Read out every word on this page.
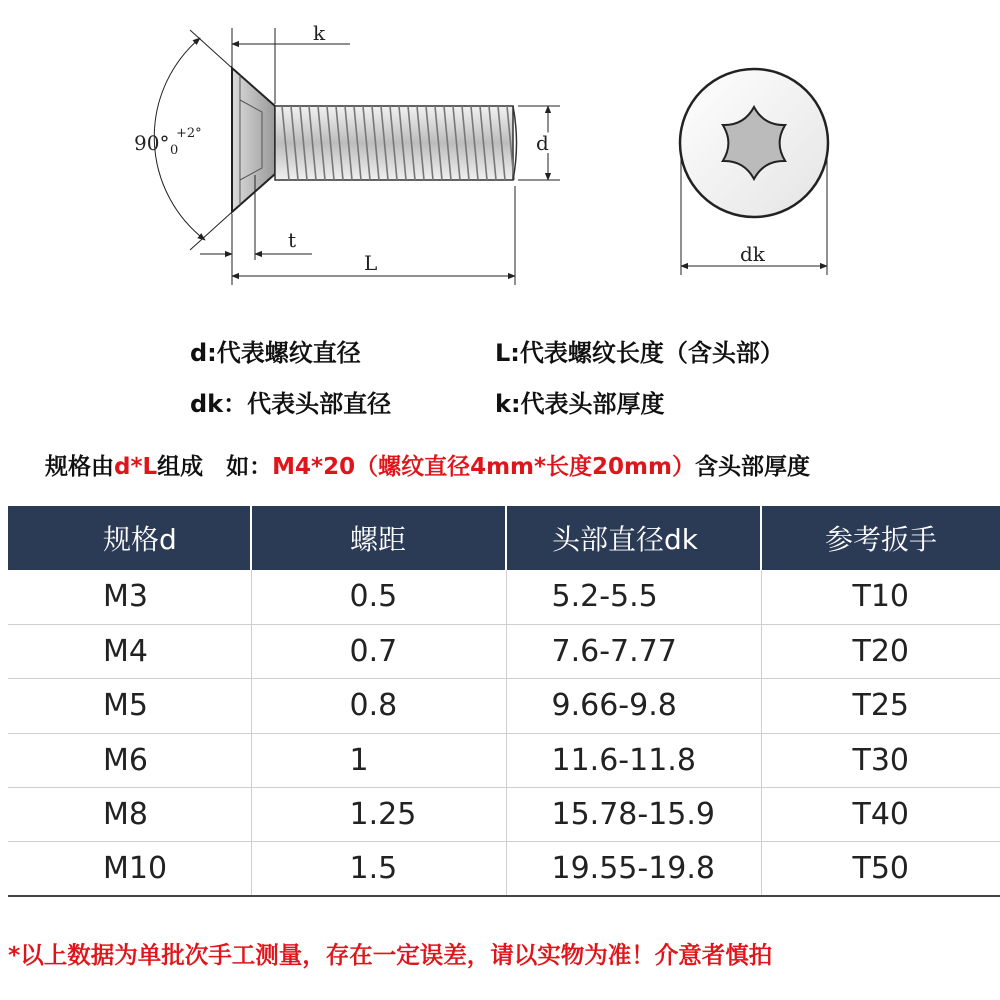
k
90° +2°
0
t
L
d
dk
d:代表螺纹直径	L:代表螺纹长度（含头部）
dk：代表头部直径	k:代表头部厚度
规格由d*L组成　如：M4*20（螺纹直径4mm*长度20mm）含头部厚度
规格d	螺距	头部直径dk	参考扳手
M3	0.5	5.2-5.5	T10
M4	0.7	7.6-7.77	T20
M5	0.8	9.66-9.8	T25
M6	1	11.6-11.8	T30
M8	1.25	15.78-15.9	T40
M10	1.5	19.55-19.8	T50
*以上数据为单批次手工测量，存在一定误差，请以实物为准！介意者慎拍
